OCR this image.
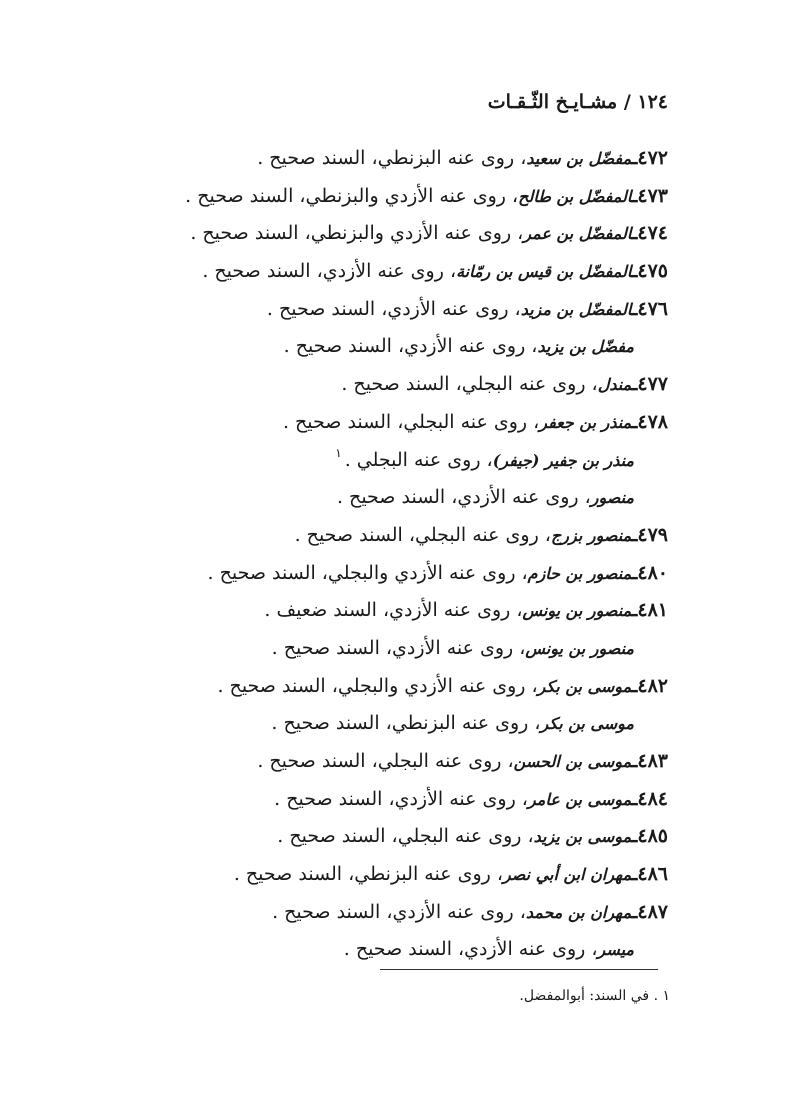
١٢٤ / مشـايـخ الثّـقـات
٤٧٢ـمفضّل بن سعيد، روى عنه البزنطي، السند صحيح .
٤٧٣ـالمفضّل بن طالح، روى عنه الأزدي والبزنطي، السند صحيح .
٤٧٤ـالمفضّل بن عمر، روى عنه الأزدي والبزنطي، السند صحيح .
٤٧٥ـالمفضّل بن قيس بن رمّانة، روى عنه الأزدي، السند صحيح .
٤٧٦ـالمفضّل بن مزيد، روى عنه الأزدي، السند صحيح .
مفضّل بن يزيد، روى عنه الأزدي، السند صحيح .
٤٧٧ـمندل، روى عنه البجلي، السند صحيح .
٤٧٨ـمنذر بن جعفر، روى عنه البجلي، السند صحيح .
منذر بن جفير (جيفر)، روى عنه البجلي .$^١$
منصور، روى عنه الأزدي، السند صحيح .
٤٧٩ـمنصور بزرج، روى عنه البجلي، السند صحيح .
٤٨٠ـمنصور بن حازم، روى عنه الأزدي والبجلي، السند صحيح .
٤٨١ـمنصور بن يونس، روى عنه الأزدي، السند ضعيف .
منصور بن يونس، روى عنه الأزدي، السند صحيح .
٤٨٢ـموسى بن بكر، روى عنه الأزدي والبجلي، السند صحيح .
موسى بن بكر، روى عنه البزنطي، السند صحيح .
٤٨٣ـموسى بن الحسن، روى عنه البجلي، السند صحيح .
٤٨٤ـموسى بن عامر، روى عنه الأزدي، السند صحيح .
٤٨٥ـموسى بن يزيد، روى عنه البجلي، السند صحيح .
٤٨٦ـمهران ابن أبي نصر، روى عنه البزنطي، السند صحيح .
٤٨٧ـمهران بن محمد، روى عنه الأزدي، السند صحيح .
ميسر، روى عنه الأزدي، السند صحيح .
١ . في السند: أبوالمفضل.
